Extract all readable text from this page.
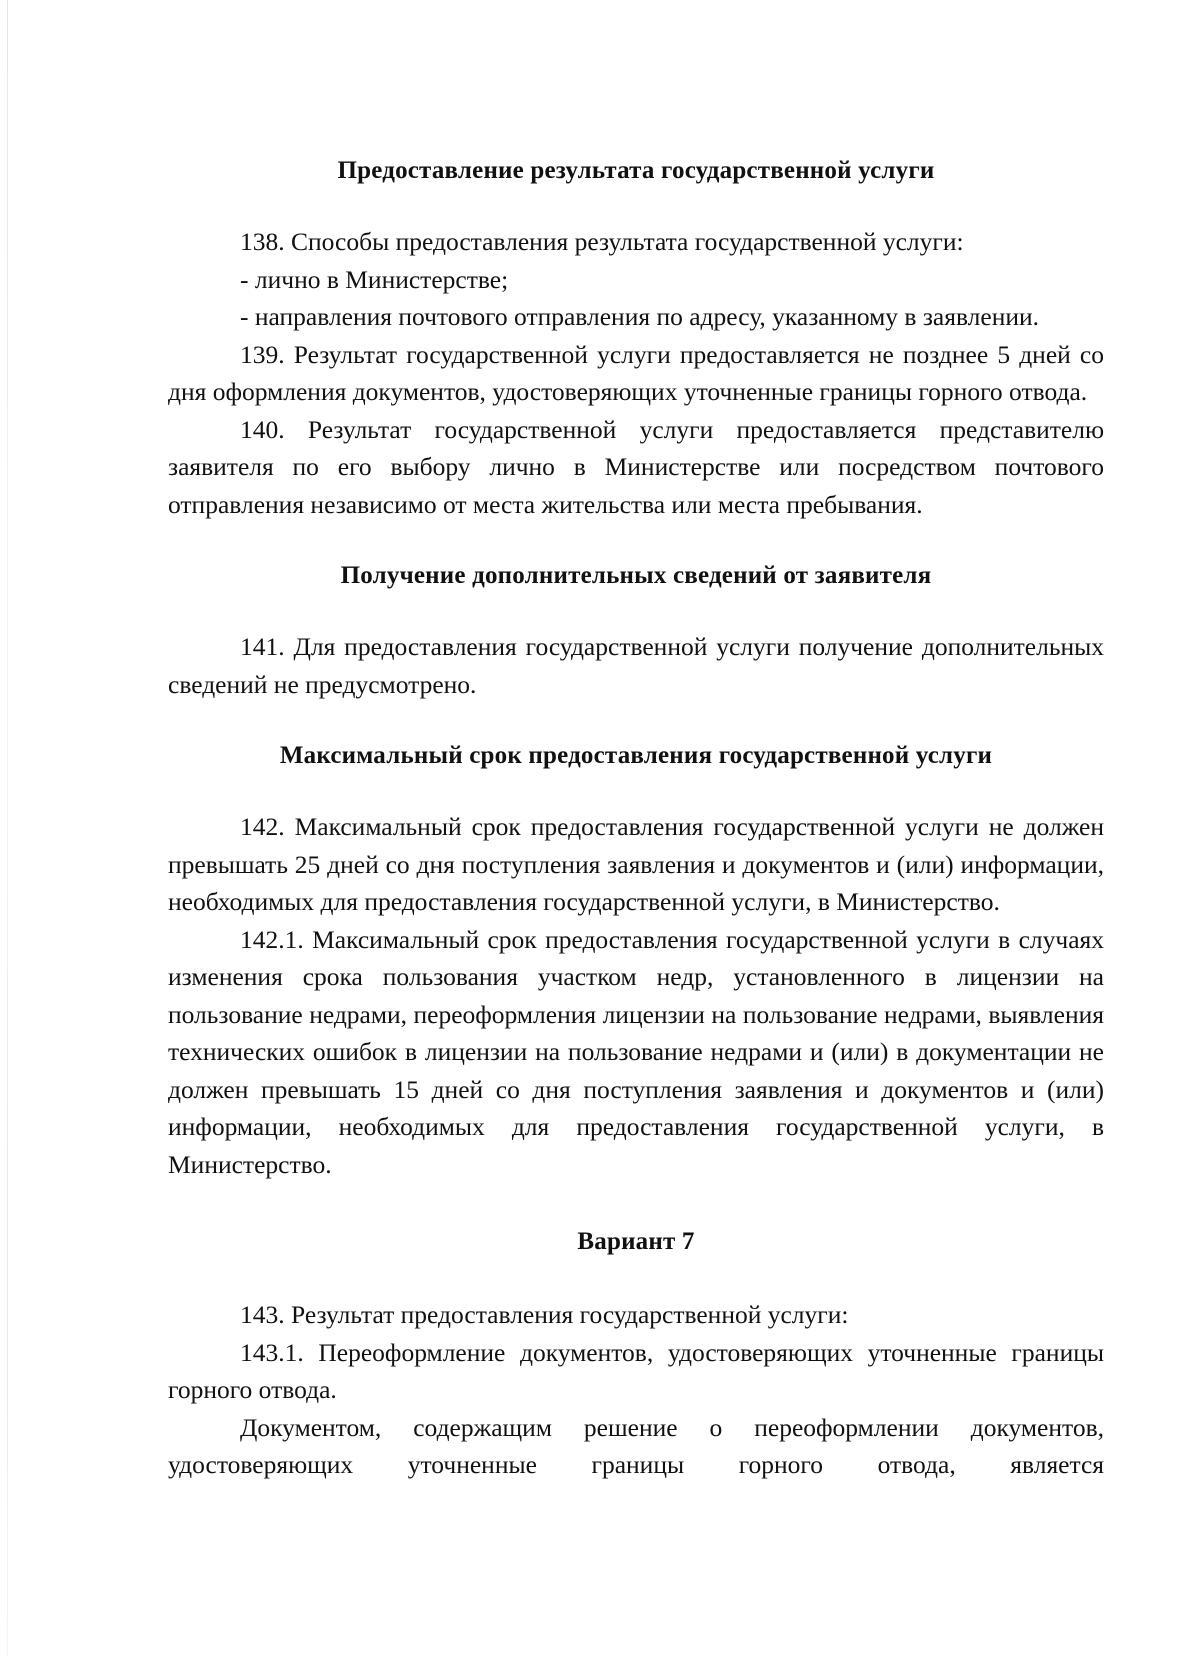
Предоставление результата государственной услуги

138. Способы предоставления результата государственной услуги:

- лично в Министерстве;

- направления почтового отправления по адресу, указанному в заявлении.

139. Результат государственной услуги предоставляется не позднее 5 дней со дня оформления документов, удостоверяющих уточненные границы горного отвода.

140. Результат государственной услуги предоставляется представителю заявителя по его выбору лично в Министерстве или посредством почтового отправления независимо от места жительства или места пребывания.

Получение дополнительных сведений от заявителя

141. Для предоставления государственной услуги получение дополнительных сведений не предусмотрено.

Максимальный срок предоставления государственной услуги

142. Максимальный срок предоставления государственной услуги не должен превышать 25 дней со дня поступления заявления и документов и (или) информации, необходимых для предоставления государственной услуги, в Министерство.

142.1. Максимальный срок предоставления государственной услуги в случаях изменения срока пользования участком недр, установленного в лицензии на пользование недрами, переоформления лицензии на пользование недрами, выявления технических ошибок в лицензии на пользование недрами и (или) в документации не должен превышать 15 дней со дня поступления заявления и документов и (или) информации, необходимых для предоставления государственной услуги, в Министерство.

Вариант 7

143. Результат предоставления государственной услуги:

143.1. Переоформление документов, удостоверяющих уточненные границы горного отвода.

Документом, содержащим решение о переоформлении документов, удостоверяющих уточненные границы горного отвода, является
